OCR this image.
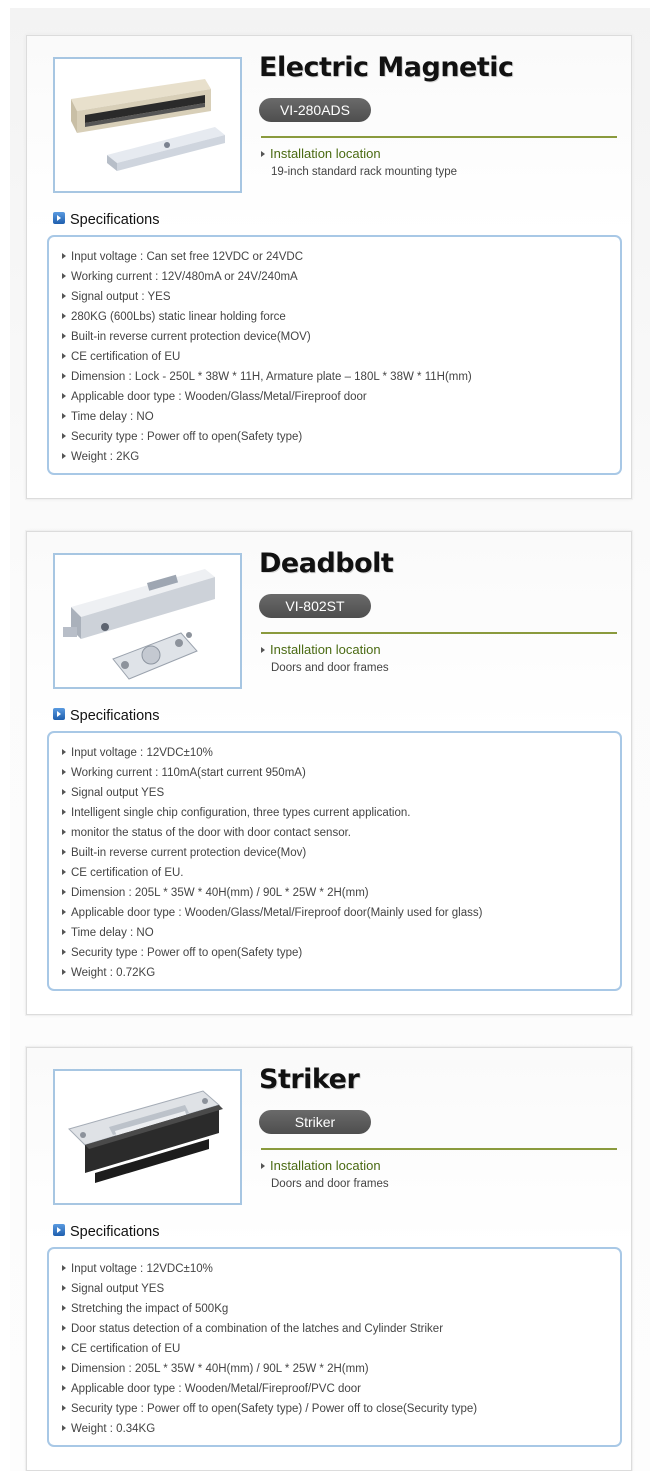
Electric Magnetic
VI-280ADS
Installation location
19-inch standard rack mounting type
Specifications
Input voltage : Can set free 12VDC or 24VDC
Working current : 12V/480mA or 24V/240mA
Signal output : YES
280KG (600Lbs) static linear holding force
Built-in reverse current protection device(MOV)
CE certification of EU
Dimension : Lock - 250L * 38W * 11H, Armature plate – 180L * 38W * 11H(mm)
Applicable door type : Wooden/Glass/Metal/Fireproof door
Time delay : NO
Security type : Power off to open(Safety type)
Weight : 2KG
Deadbolt
VI-802ST
Installation location
Doors and door frames
Specifications
Input voltage : 12VDC±10%
Working current : 110mA(start current 950mA)
Signal output YES
Intelligent single chip configuration, three types current application.
monitor the status of the door with door contact sensor.
Built-in reverse current protection device(Mov)
CE certification of EU.
Dimension : 205L * 35W * 40H(mm) / 90L * 25W * 2H(mm)
Applicable door type : Wooden/Glass/Metal/Fireproof door(Mainly used for glass)
Time delay : NO
Security type : Power off to open(Safety type)
Weight : 0.72KG
Striker
Striker
Installation location
Doors and door frames
Specifications
Input voltage : 12VDC±10%
Signal output YES
Stretching the impact of 500Kg
Door status detection of a combination of the latches and Cylinder Striker
CE certification of EU
Dimension : 205L * 35W * 40H(mm) / 90L * 25W * 2H(mm)
Applicable door type : Wooden/Metal/Fireproof/PVC door
Security type : Power off to open(Safety type) / Power off to close(Security type)
Weight : 0.34KG
